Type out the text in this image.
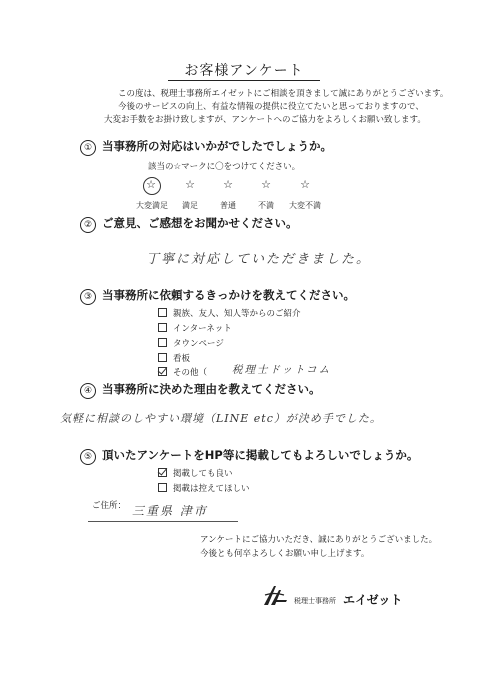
お客様アンケート
この度は、税理士事務所エイゼットにご相談を頂きまして誠にありがとうございます。
今後のサービスの向上、有益な情報の提供に役立てたいと思っておりますので、
大変お手数をお掛け致しますが、アンケートへのご協力をよろしくお願い致します。
① 当事務所の対応はいかがでしたでしょうか。
該当の☆マークに〇をつけてください。
☆	☆	☆	☆	☆
大変満足	満足	普通	不満	大変不満
② ご意見、ご感想をお聞かせください。
丁寧に対応していただきました。
③ 当事務所に依頼するきっかけを教えてください。
親族、友人、知人等からのご紹介
インターネット
タウンページ
看板
その他（ 税理士ドットコム
④ 当事務所に決めた理由を教えてください。
気軽に相談のしやすい環境（LINE etc）が決め手でした。
⑤ 頂いたアンケートをHP等に掲載してもよろしいでしょうか。
掲載しても良い
掲載は控えてほしい
ご住所： 三重県 津市
アンケートにご協力いただき、誠にありがとうございました。
今後とも何卒よろしくお願い申し上げます。
税理士事務所 エイゼット
